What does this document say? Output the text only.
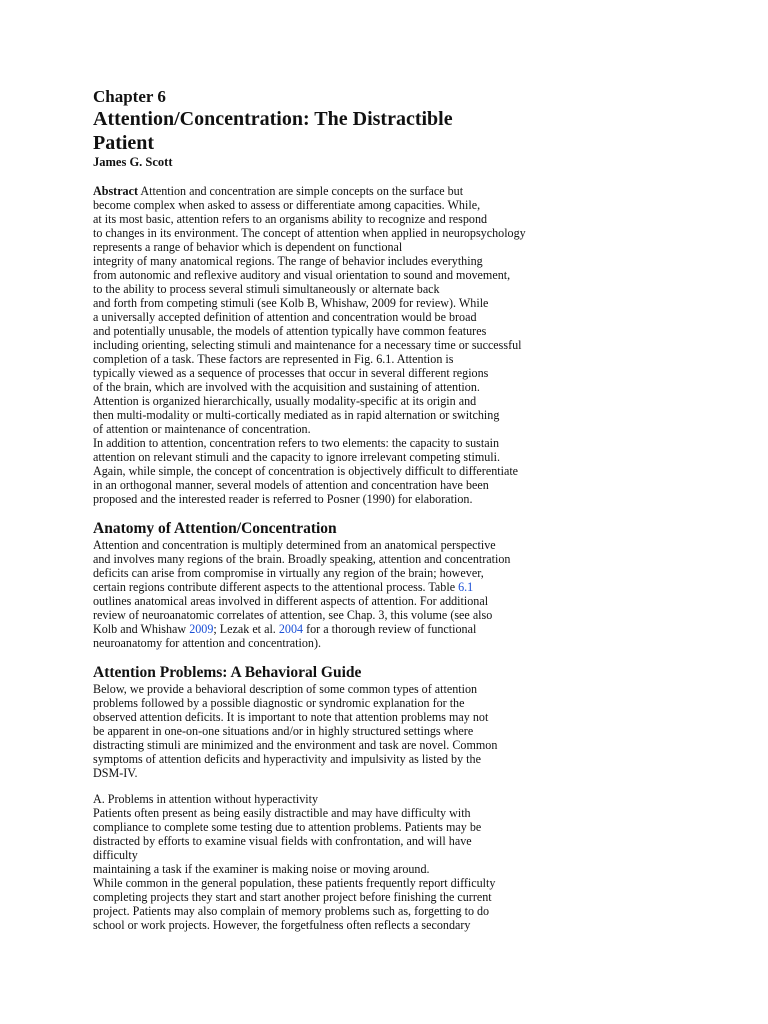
Chapter 6

Attention/Concentration: The Distractible

Patient

James G. Scott

Abstract Attention and concentration are simple concepts on the surface but
become complex when asked to assess or differentiate among capacities. While,
at its most basic, attention refers to an organisms ability to recognize and respond
to changes in its environment. The concept of attention when applied in neuropsychology
represents a range of behavior which is dependent on functional
integrity of many anatomical regions. The range of behavior includes everything
from autonomic and reflexive auditory and visual orientation to sound and movement,
to the ability to process several stimuli simultaneously or alternate back
and forth from competing stimuli (see Kolb B, Whishaw, 2009 for review). While
a universally accepted definition of attention and concentration would be broad
and potentially unusable, the models of attention typically have common features
including orienting, selecting stimuli and maintenance for a necessary time or successful
completion of a task. These factors are represented in Fig. 6.1. Attention is
typically viewed as a sequence of processes that occur in several different regions
of the brain, which are involved with the acquisition and sustaining of attention.
Attention is organized hierarchically, usually modality-specific at its origin and
then multi-modality or multi-cortically mediated as in rapid alternation or switching
of attention or maintenance of concentration.
In addition to attention, concentration refers to two elements: the capacity to sustain
attention on relevant stimuli and the capacity to ignore irrelevant competing stimuli.
Again, while simple, the concept of concentration is objectively difficult to differentiate
in an orthogonal manner, several models of attention and concentration have been
proposed and the interested reader is referred to Posner (1990) for elaboration.

Anatomy of Attention/Concentration

Attention and concentration is multiply determined from an anatomical perspective
and involves many regions of the brain. Broadly speaking, attention and concentration
deficits can arise from compromise in virtually any region of the brain; however,
certain regions contribute different aspects to the attentional process. Table 6.1
outlines anatomical areas involved in different aspects of attention. For additional
review of neuroanatomic correlates of attention, see Chap. 3, this volume (see also
Kolb and Whishaw 2009; Lezak et al. 2004 for a thorough review of functional
neuroanatomy for attention and concentration).

Attention Problems: A Behavioral Guide

Below, we provide a behavioral description of some common types of attention
problems followed by a possible diagnostic or syndromic explanation for the
observed attention deficits. It is important to note that attention problems may not
be apparent in one-on-one situations and/or in highly structured settings where
distracting stimuli are minimized and the environment and task are novel. Common
symptoms of attention deficits and hyperactivity and impulsivity as listed by the
DSM-IV.
A. Problems in attention without hyperactivity
Patients often present as being easily distractible and may have difficulty with
compliance to complete some testing due to attention problems. Patients may be
distracted by efforts to examine visual fields with confrontation, and will have
difficulty
maintaining a task if the examiner is making noise or moving around.
While common in the general population, these patients frequently report difficulty
completing projects they start and start another project before finishing the current
project. Patients may also complain of memory problems such as, forgetting to do
school or work projects. However, the forgetfulness often reflects a secondary
